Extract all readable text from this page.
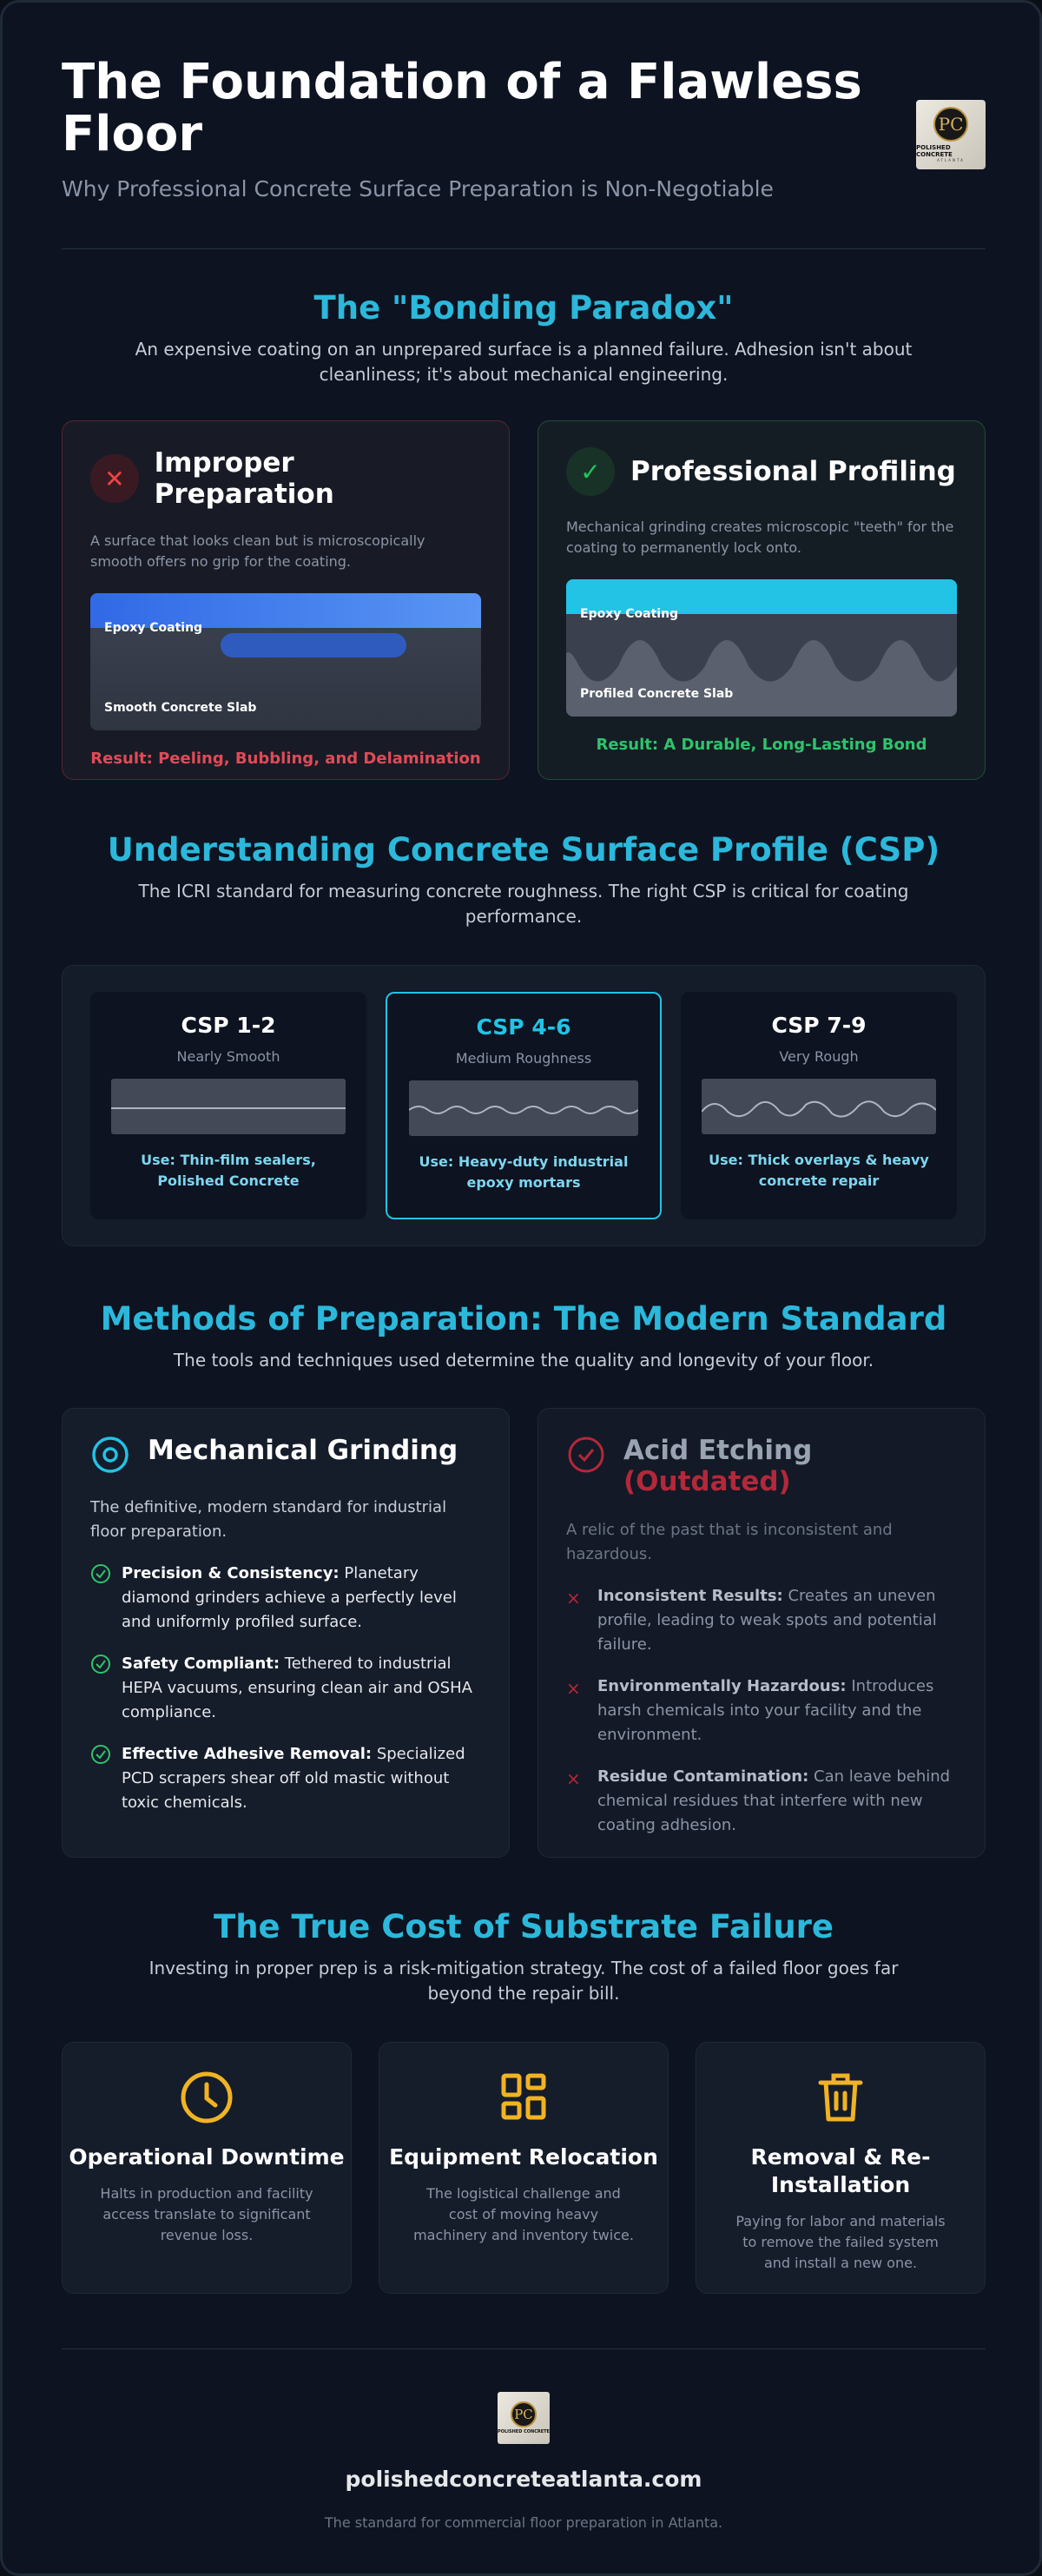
The Foundation of a Flawless Floor
Why Professional Concrete Surface Preparation is Non-Negotiable
PC
POLISHED CONCRETE
ATLANTA
The "Bonding Paradox"
An expensive coating on an unprepared surface is a planned failure. Adhesion isn't about cleanliness; it's about mechanical engineering.
✕	Improper Preparation
A surface that looks clean but is microscopically smooth offers no grip for the coating.
Epoxy Coating
Smooth Concrete Slab
Result: Peeling, Bubbling, and Delamination
✓	Professional Profiling
Mechanical grinding creates microscopic "teeth" for the coating to permanently lock onto.
Epoxy Coating
Profiled Concrete Slab
Result: A Durable, Long-Lasting Bond
Understanding Concrete Surface Profile (CSP)
The ICRI standard for measuring concrete roughness. The right CSP is critical for coating performance.
CSP 1-2
Nearly Smooth
Use: Thin-film sealers, Polished Concrete
CSP 4-6
Medium Roughness
Use: Heavy-duty industrial epoxy mortars
CSP 7-9
Very Rough
Use: Thick overlays & heavy concrete repair
Methods of Preparation: The Modern Standard
The tools and techniques used determine the quality and longevity of your floor.
Mechanical Grinding
The definitive, modern standard for industrial floor preparation.
Precision & Consistency: Planetary diamond grinders achieve a perfectly level and uniformly profiled surface.
Safety Compliant: Tethered to industrial HEPA vacuums, ensuring clean air and OSHA compliance.
Effective Adhesive Removal: Specialized PCD scrapers shear off old mastic without toxic chemicals.
Acid Etching
(Outdated)
A relic of the past that is inconsistent and hazardous.
×	Inconsistent Results: Creates an uneven profile, leading to weak spots and potential failure.
×	Environmentally Hazardous: Introduces harsh chemicals into your facility and the environment.
×	Residue Contamination: Can leave behind chemical residues that interfere with new coating adhesion.
The True Cost of Substrate Failure
Investing in proper prep is a risk-mitigation strategy. The cost of a failed floor goes far beyond the repair bill.
Operational Downtime
Halts in production and facility access translate to significant revenue loss.
Equipment Relocation
The logistical challenge and cost of moving heavy machinery and inventory twice.
Removal & Re-Installation
Paying for labor and materials to remove the failed system and install a new one.
PC
POLISHED CONCRETE
polishedconcreteatlanta.com
The standard for commercial floor preparation in Atlanta.
